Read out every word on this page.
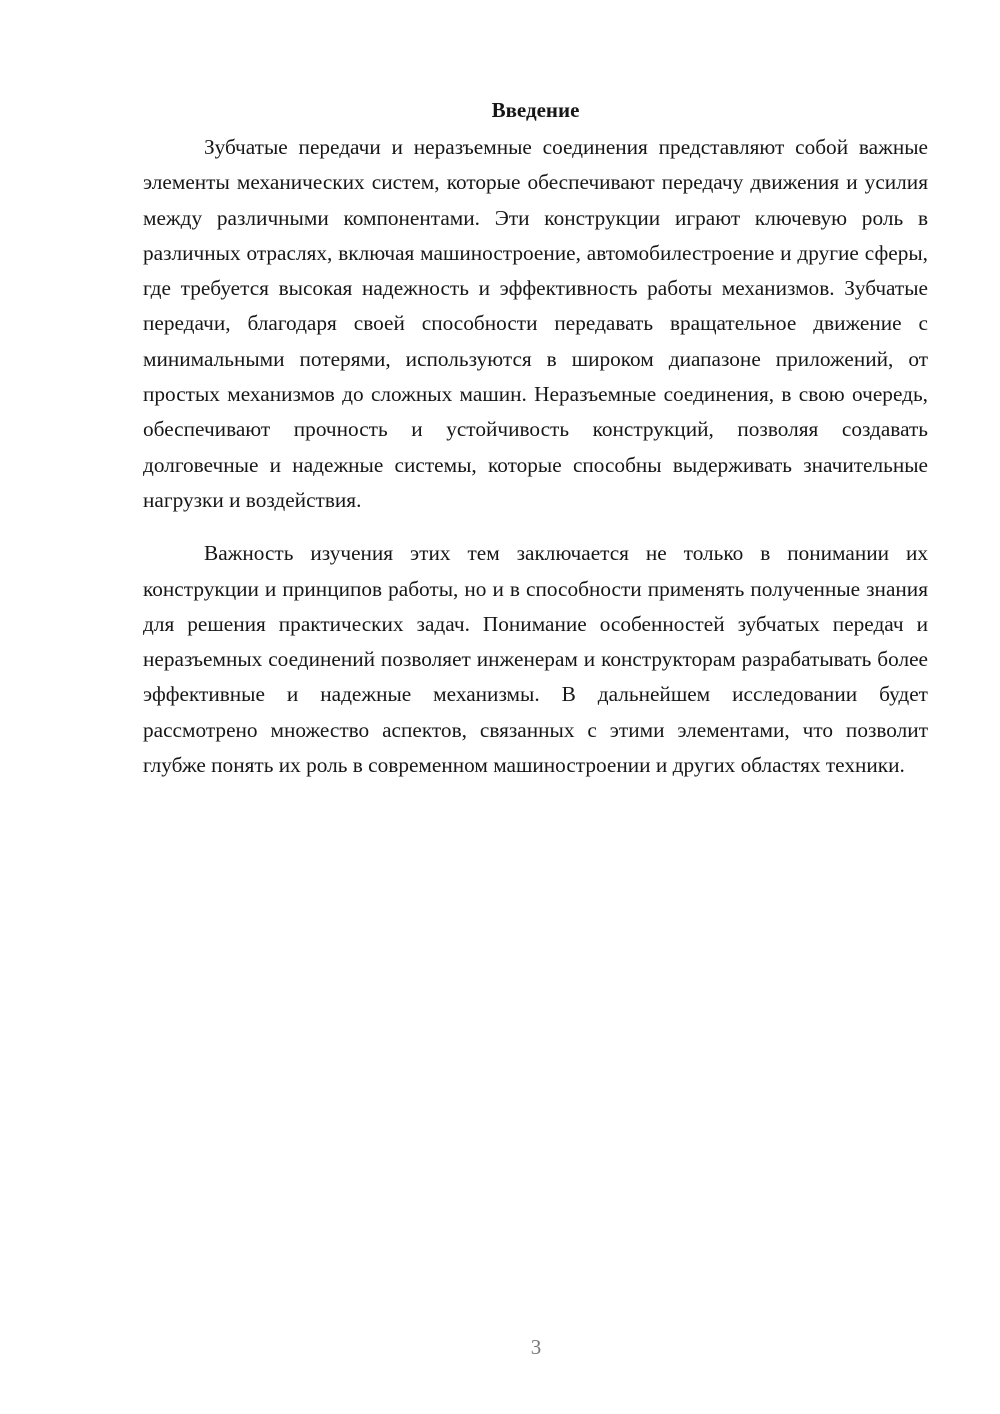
Введение

Зубчатые передачи и неразъемные соединения представляют собой важные элементы механических систем, которые обеспечивают передачу движения и усилия между различными компонентами. Эти конструкции играют ключевую роль в различных отраслях, включая машиностроение, автомобилестроение и другие сферы, где требуется высокая надежность и эффективность работы механизмов. Зубчатые передачи, благодаря своей способности передавать вращательное движение с минимальными потерями, используются в широком диапазоне приложений, от простых механизмов до сложных машин. Неразъемные соединения, в свою очередь, обеспечивают прочность и устойчивость конструкций, позволяя создавать долговечные и надежные системы, которые способны выдерживать значительные нагрузки и воздействия.

Важность изучения этих тем заключается не только в понимании их конструкции и принципов работы, но и в способности применять полученные знания для решения практических задач. Понимание особенностей зубчатых передач и неразъемных соединений позволяет инженерам и конструкторам разрабатывать более эффективные и надежные механизмы. В дальнейшем исследовании будет рассмотрено множество аспектов, связанных с этими элементами, что позволит глубже понять их роль в современном машиностроении и других областях техники.

3
